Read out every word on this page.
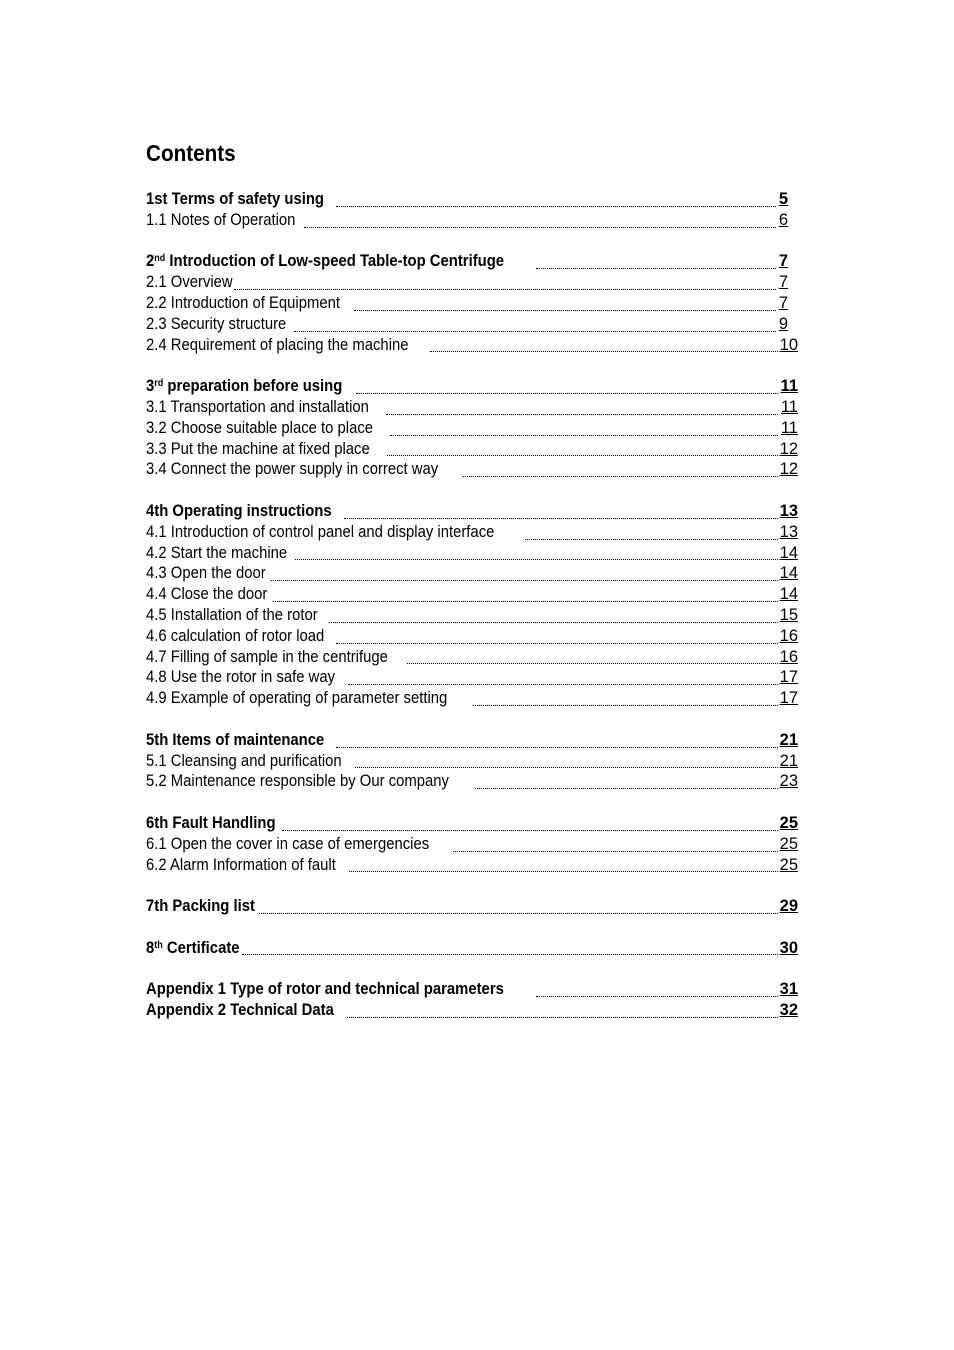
Contents
1st Terms of safety using	5
1.1 Notes of Operation	6
2nd Introduction of Low-speed Table-top Centrifuge	7
2.1 Overview	7
2.2 Introduction of Equipment	7
2.3 Security structure	9
2.4 Requirement of placing the machine	10
3rd preparation before using	11
3.1 Transportation and installation	11
3.2 Choose suitable place to place	11
3.3 Put the machine at fixed place	12
3.4 Connect the power supply in correct way	12
4th Operating instructions	13
4.1 Introduction of control panel and display interface	13
4.2 Start the machine	14
4.3 Open the door	14
4.4 Close the door	14
4.5 Installation of the rotor	15
4.6 calculation of rotor load	16
4.7 Filling of sample in the centrifuge	16
4.8 Use the rotor in safe way	17
4.9 Example of operating of parameter setting	17
5th Items of maintenance	21
5.1 Cleansing and purification	21
5.2 Maintenance responsible by Our company	23
6th Fault Handling	25
6.1 Open the cover in case of emergencies	25
6.2 Alarm Information of fault	25
7th Packing list	29
8th Certificate	30
Appendix 1 Type of rotor and technical parameters	31
Appendix 2 Technical Data	32
